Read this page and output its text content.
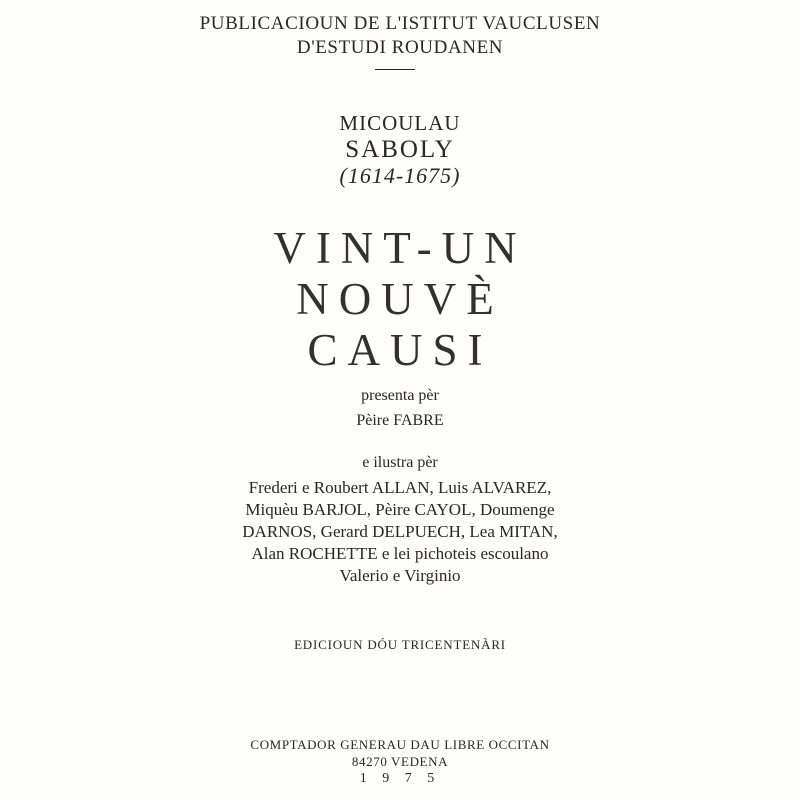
PUBLICACIOUN DE L'ISTITUT VAUCLUSEN
D'ESTUDI ROUDANEN
MICOULAU
SABOLY
(1614-1675)
VINT-UN
NOUVÈ
CAUSI
presenta pèr
Pèire FABRE
e ilustra pèr
Frederi e Roubert ALLAN, Luis ALVAREZ,
Miquèu BARJOL, Pèire CAYOL, Doumenge
DARNOS, Gerard DELPUECH, Lea MITAN,
Alan ROCHETTE e lei pichoteis escoulano
Valerio e Virginio
EDICIOUN DÓU TRICENTENÀRI
COMPTADOR GENERAU DAU LIBRE OCCITAN
84270 VEDENA
1 9 7 5
